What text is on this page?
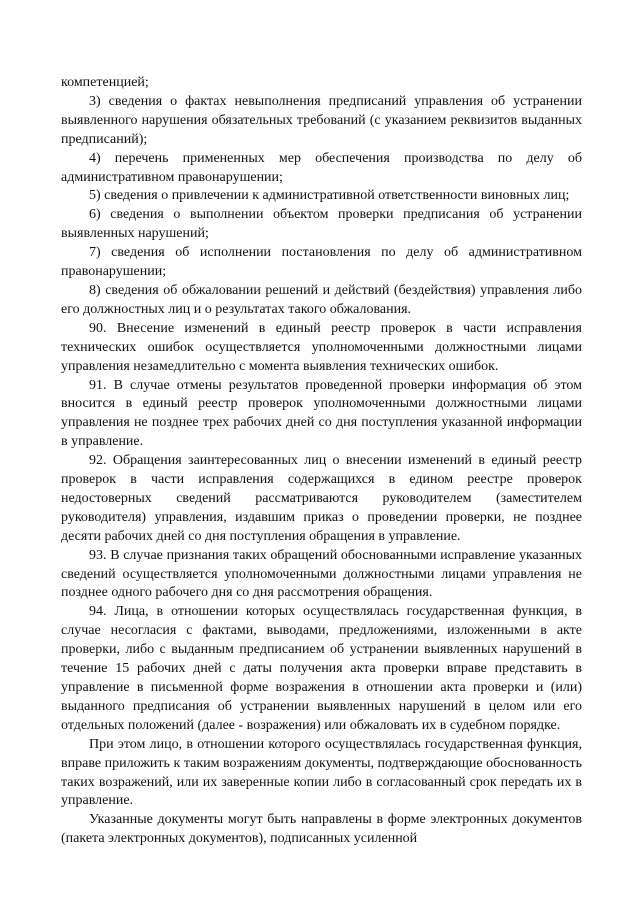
компетенцией;

3) сведения о фактах невыполнения предписаний управления об устранении выявленного нарушения обязательных требований (с указанием реквизитов выданных предписаний);

4) перечень примененных мер обеспечения производства по делу об административном правонарушении;

5) сведения о привлечении к административной ответственности виновных лиц;

6) сведения о выполнении объектом проверки предписания об устранении выявленных нарушений;

7) сведения об исполнении постановления по делу об административном правонарушении;

8) сведения об обжаловании решений и действий (бездействия) управления либо его должностных лиц и о результатах такого обжалования.

90. Внесение изменений в единый реестр проверок в части исправления технических ошибок осуществляется уполномоченными должностными лицами управления незамедлительно с момента выявления технических ошибок.

91. В случае отмены результатов проведенной проверки информация об этом вносится в единый реестр проверок уполномоченными должностными лицами управления не позднее трех рабочих дней со дня поступления указанной информации в управление.

92. Обращения заинтересованных лиц о внесении изменений в единый реестр проверок в части исправления содержащихся в едином реестре проверок недостоверных сведений рассматриваются руководителем (заместителем руководителя) управления, издавшим приказ о проведении проверки, не позднее десяти рабочих дней со дня поступления обращения в управление.

93. В случае признания таких обращений обоснованными исправление указанных сведений осуществляется уполномоченными должностными лицами управления не позднее одного рабочего дня со дня рассмотрения обращения.

94. Лица, в отношении которых осуществлялась государственная функция, в случае несогласия с фактами, выводами, предложениями, изложенными в акте проверки, либо с выданным предписанием об устранении выявленных нарушений в течение 15 рабочих дней с даты получения акта проверки вправе представить в управление в письменной форме возражения в отношении акта проверки и (или) выданного предписания об устранении выявленных нарушений в целом или его отдельных положений (далее - возражения) или обжаловать их в судебном порядке.

При этом лицо, в отношении которого осуществлялась государственная функция, вправе приложить к таким возражениям документы, подтверждающие обоснованность таких возражений, или их заверенные копии либо в согласованный срок передать их в управление.

Указанные документы могут быть направлены в форме электронных документов (пакета электронных документов), подписанных усиленной
